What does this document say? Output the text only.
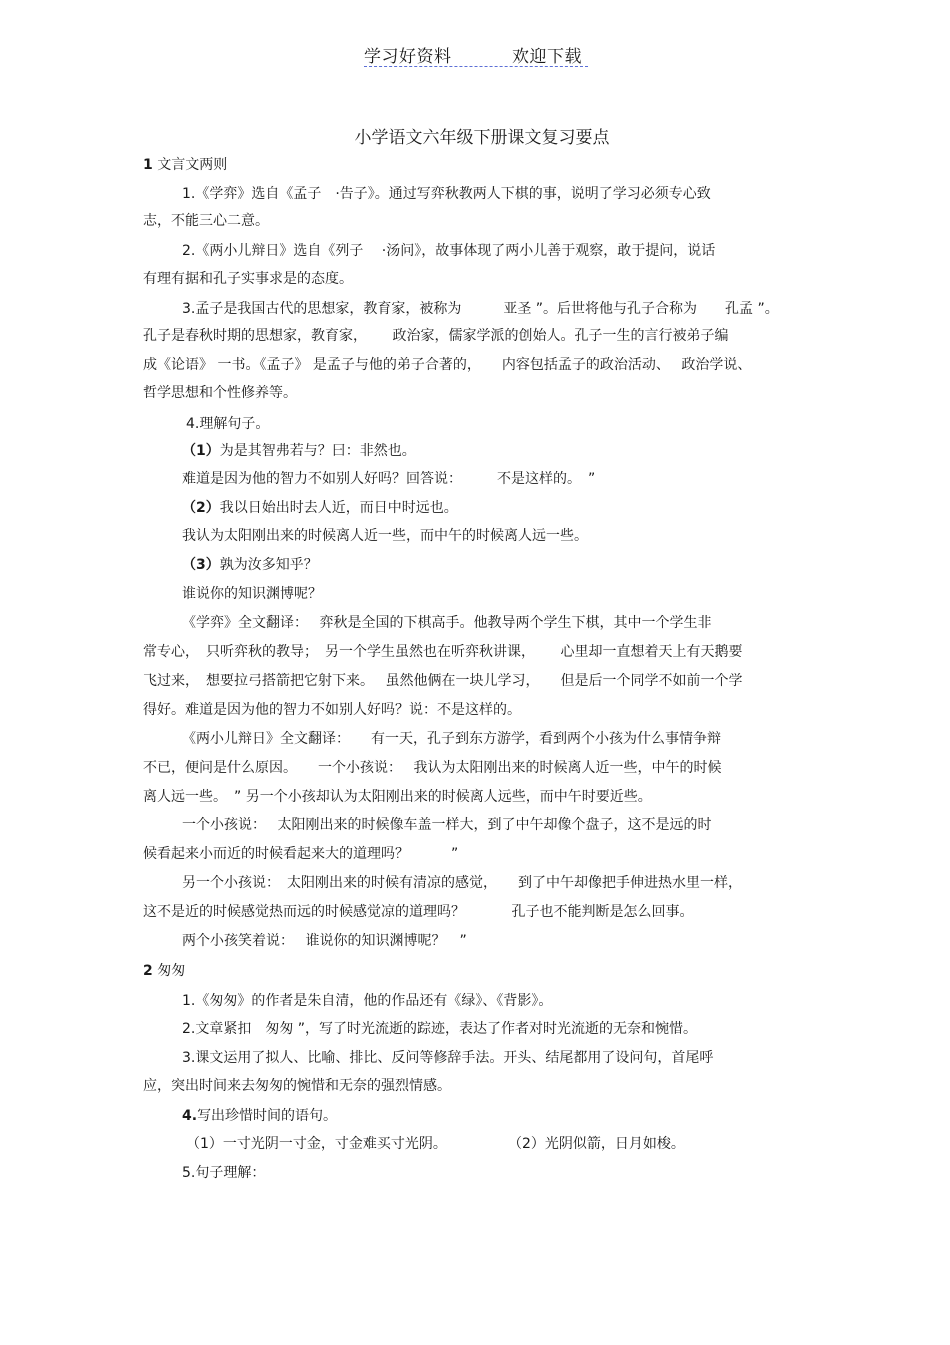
学习好资料	欢迎下载
小学语文六年级下册课文复习要点
1 文言文两则
1.《学弈》选自《孟子　·告子》。通过写弈秋教两人下棋的事，说明了学习必须专心致
志，不能三心二意。
2.《两小儿辩日》选自《列子　 ·汤问》，故事体现了两小儿善于观察，敢于提问，说话
有理有据和孔子实事求是的态度。
3.孟子是我国古代的思想家，教育家，被称为　　　亚圣 ”。后世将他与孔子合称为　　孔孟 ”。
孔子是春秋时期的思想家，教育家，　　 政治家，儒家学派的创始人。孔子一生的言行被弟子编
成《论语》 一书。《孟子》 是孟子与他的弟子合著的，　　内容包括孟子的政治活动、　 政治学说、
哲学思想和个性修养等。
4.理解句子。
（1）为是其智弗若与？曰：非然也。
难道是因为他的智力不如别人好吗？回答说：　　　不是这样的。　”
（2）我以日始出时去人近，而日中时远也。
我认为太阳刚出来的时候离人近一些，而中午的时候离人远一些。
（3）孰为汝多知乎？
谁说你的知识渊博呢？
《学弈》全文翻译：　 弈秋是全国的下棋高手。他教导两个学生下棋，其中一个学生非
常专心，　只听弈秋的教导；　另一个学生虽然也在听弈秋讲课，　　 心里却一直想着天上有天鹅要
飞过来，　想要拉弓搭箭把它射下来。　 虽然他俩在一块儿学习，　　但是后一个同学不如前一个学
得好。难道是因为他的智力不如别人好吗？说：不是这样的。
《两小儿辩日》全文翻译：　　有一天，孔子到东方游学，看到两个小孩为什么事情争辩
不已，便问是什么原因。　　一个小孩说：　 我认为太阳刚出来的时候离人近一些，中午的时候
离人远一些。　” 另一个小孩却认为太阳刚出来的时候离人远些，而中午时要近些。
一个小孩说：　 太阳刚出来的时候像车盖一样大，到了中午却像个盘子，这不是远的时
候看起来小而近的时候看起来大的道理吗？　　　”
另一个小孩说：　太阳刚出来的时候有清凉的感觉，　　到了中午却像把手伸进热水里一样，
这不是近的时候感觉热而远的时候感觉凉的道理吗？　　　 孔子也不能判断是怎么回事。
两个小孩笑着说：　 谁说你的知识渊博呢？　”
2 匆匆
1.《匆匆》的作者是朱自清，他的作品还有《绿》、《背影》。
2.文章紧扣　匆匆 ”，写了时光流逝的踪迹，表达了作者对时光流逝的无奈和惋惜。
3.课文运用了拟人、比喻、排比、反问等修辞手法。开头、结尾都用了设问句，首尾呼
应，突出时间来去匆匆的惋惜和无奈的强烈情感。
4.写出珍惜时间的语句。
（1）一寸光阴一寸金，寸金难买寸光阴。	（2）光阴似箭，日月如梭。
5.句子理解：
